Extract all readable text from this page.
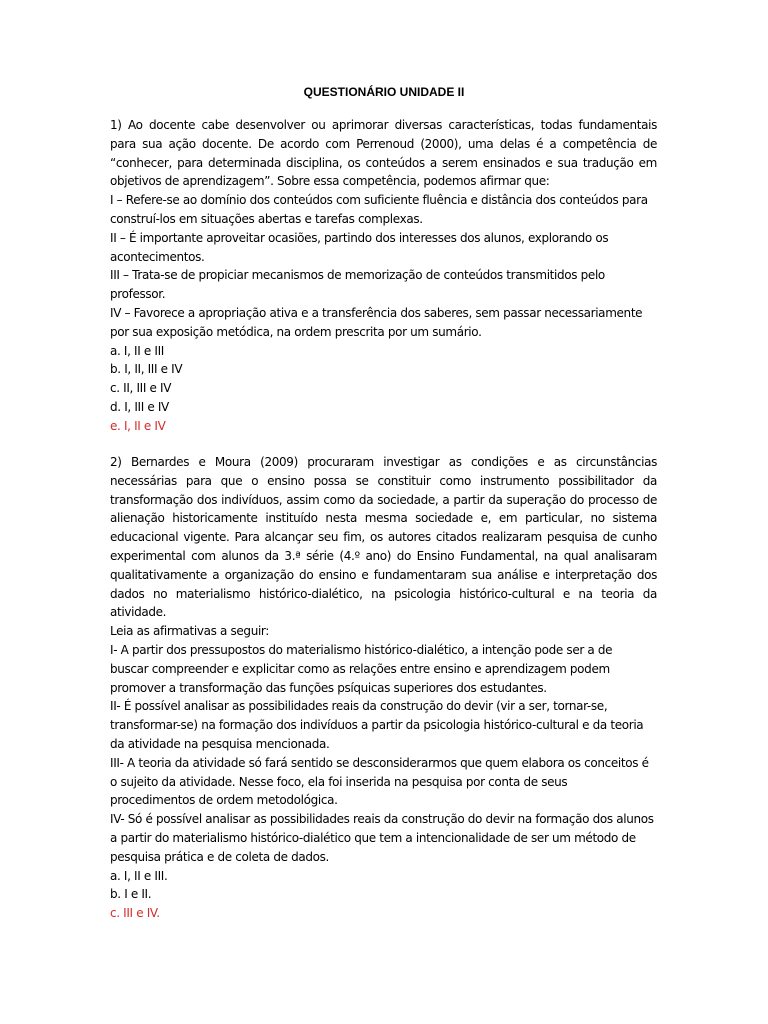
QUESTIONÁRIO UNIDADE II
1) Ao docente cabe desenvolver ou aprimorar diversas características, todas fundamentais
para sua ação docente. De acordo com Perrenoud (2000), uma delas é a competência de
“conhecer, para determinada disciplina, os conteúdos a serem ensinados e sua tradução em
objetivos de aprendizagem”. Sobre essa competência, podemos afirmar que:
I – Refere-se ao domínio dos conteúdos com suficiente fluência e distância dos conteúdos para
construí-los em situações abertas e tarefas complexas.
II – É importante aproveitar ocasiões, partindo dos interesses dos alunos, explorando os
acontecimentos.
III – Trata-se de propiciar mecanismos de memorização de conteúdos transmitidos pelo
professor.
IV – Favorece a apropriação ativa e a transferência dos saberes, sem passar necessariamente
por sua exposição metódica, na ordem prescrita por um sumário.
a. I, II e III
b. I, II, III e IV
c. II, III e IV
d. I, III e IV
e. I, II e IV
2) Bernardes e Moura (2009) procuraram investigar as condições e as circunstâncias
necessárias para que o ensino possa se constituir como instrumento possibilitador da
transformação dos indivíduos, assim como da sociedade, a partir da superação do processo de
alienação historicamente instituído nesta mesma sociedade e, em particular, no sistema
educacional vigente. Para alcançar seu fim, os autores citados realizaram pesquisa de cunho
experimental com alunos da 3.ª série (4.º ano) do Ensino Fundamental, na qual analisaram
qualitativamente a organização do ensino e fundamentaram sua análise e interpretação dos
dados no materialismo histórico-dialético, na psicologia histórico-cultural e na teoria da
atividade.
Leia as afirmativas a seguir:
I- A partir dos pressupostos do materialismo histórico-dialético, a intenção pode ser a de
buscar compreender e explicitar como as relações entre ensino e aprendizagem podem
promover a transformação das funções psíquicas superiores dos estudantes.
II- É possível analisar as possibilidades reais da construção do devir (vir a ser, tornar-se,
transformar-se) na formação dos indivíduos a partir da psicologia histórico-cultural e da teoria
da atividade na pesquisa mencionada.
III- A teoria da atividade só fará sentido se desconsiderarmos que quem elabora os conceitos é
o sujeito da atividade. Nesse foco, ela foi inserida na pesquisa por conta de seus
procedimentos de ordem metodológica.
IV- Só é possível analisar as possibilidades reais da construção do devir na formação dos alunos
a partir do materialismo histórico-dialético que tem a intencionalidade de ser um método de
pesquisa prática e de coleta de dados.
a. I, II e III.
b. I e II.
c. III e IV.
